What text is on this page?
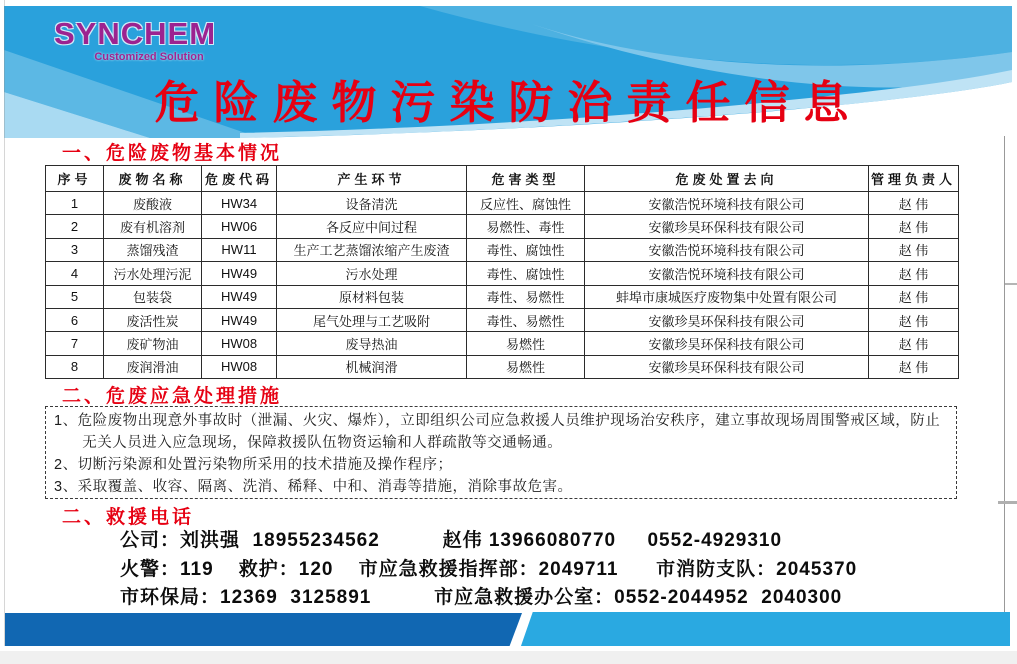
SYNCHEM
Customized Solution
危险废物污染防治责任信息
一、危险废物基本情况
序号	废物名称	危废代码	产生环节	危害类型	危废处置去向	管理负责人
1	废酸液	HW34	设备清洗	反应性、腐蚀性	安徽浩悦环境科技有限公司	赵 伟
2	废有机溶剂	HW06	各反应中间过程	易燃性、毒性	安徽珍昊环保科技有限公司	赵 伟
3	蒸馏残渣	HW11	生产工艺蒸馏浓缩产生废渣	毒性、腐蚀性	安徽浩悦环境科技有限公司	赵 伟
4	污水处理污泥	HW49	污水处理	毒性、腐蚀性	安徽浩悦环境科技有限公司	赵 伟
5	包装袋	HW49	原材料包装	毒性、易燃性	蚌埠市康城医疗废物集中处置有限公司	赵 伟
6	废活性炭	HW49	尾气处理与工艺吸附	毒性、易燃性	安徽珍昊环保科技有限公司	赵 伟
7	废矿物油	HW08	废导热油	易燃性	安徽珍昊环保科技有限公司	赵 伟
8	废润滑油	HW08	机械润滑	易燃性	安徽珍昊环保科技有限公司	赵 伟
二、危废应急处理措施
1、危险废物出现意外事故时（泄漏、火灾、爆炸），立即组织公司应急救援人员维护现场治安秩序，建立事故现场周围警戒区域，防止无关人员进入应急现场，保障救援队伍物资运输和人群疏散等交通畅通。
2、切断污染源和处置污染物所采用的技术措施及操作程序；
3、采取覆盖、收容、隔离、洗消、稀释、中和、消毒等措施，消除事故危害。
二、救援电话
公司：刘洪强  18955234562          赵伟 13966080770     0552-4929310
火警：119    救护：120    市应急救援指挥部：2049711      市消防支队：2045370
市环保局：12369  3125891          市应急救援办公室：0552-2044952  2040300
